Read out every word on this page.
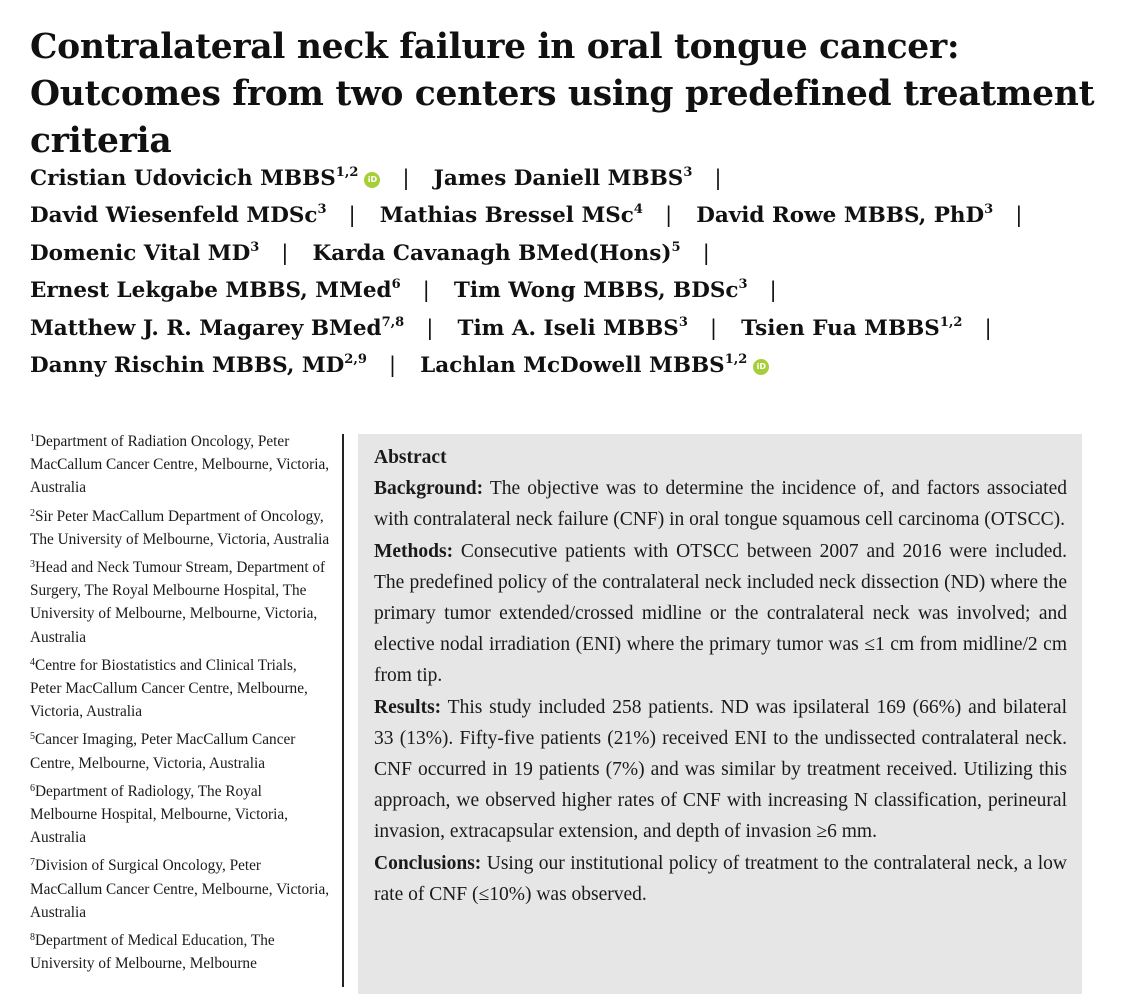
Contralateral neck failure in oral tongue cancer: Outcomes from two centers using predefined treatment criteria
Cristian Udovicich MBBS$^{1,2}$ iD | James Daniell MBBS$^3$ |
David Wiesenfeld MDSc$^3$ | Mathias Bressel MSc$^4$ | David Rowe MBBS, PhD$^3$ |
Domenic Vital $MD^3$ | Karda Cavanagh BMed(Hons)$^5$ |
Ernest Lekgabe MBBS, MMed$^6$ | Tim Wong MBBS, BDSc$^3$ |
Matthew J. R. Magarey BMed$^{7,8}$ | Tim A. Iseli MBBS$^3$ | Tsien Fua MBBS$^{1,2}$ |
Danny Rischin MBBS, MD$^{2,9}$ | Lachlan McDowell MBBS$^{1,2}$ iD
$^1$Department of Radiation Oncology, Peter MacCallum Cancer Centre, Melbourne, Victoria, Australia
$^2$Sir Peter MacCallum Department of Oncology, The University of Melbourne, Victoria, Australia
$^3$Head and Neck Tumour Stream, Department of Surgery, The Royal Melbourne Hospital, The University of Melbourne, Melbourne, Victoria, Australia
$^4$Centre for Biostatistics and Clinical Trials, Peter MacCallum Cancer Centre, Melbourne, Victoria, Australia
$^5$Cancer Imaging, Peter MacCallum Cancer Centre, Melbourne, Victoria, Australia
$^6$Department of Radiology, The Royal Melbourne Hospital, Melbourne, Victoria, Australia
$^7$Division of Surgical Oncology, Peter MacCallum Cancer Centre, Melbourne, Victoria, Australia
$^8$Department of Medical Education, The University of Melbourne, Melbourne

Abstract

Background: The objective was to determine the incidence of, and factors associated with contralateral neck failure (CNF) in oral tongue squamous cell carcinoma (OTSCC).

Methods: Consecutive patients with OTSCC between 2007 and 2016 were included. The predefined policy of the contralateral neck included neck dissection (ND) where the primary tumor extended/crossed midline or the contralateral neck was involved; and elective nodal irradiation (ENI) where the primary tumor was ≤1 cm from midline/2 cm from tip.

Results: This study included 258 patients. ND was ipsilateral 169 (66%) and bilateral 33 (13%). Fifty-five patients (21%) received ENI to the undissected contralateral neck. CNF occurred in 19 patients (7%) and was similar by treatment received. Utilizing this approach, we observed higher rates of CNF with increasing N classification, perineural invasion, extracapsular extension, and depth of invasion ≥6 mm.

Conclusions: Using our institutional policy of treatment to the contralateral neck, a low rate of CNF (≤10%) was observed.
